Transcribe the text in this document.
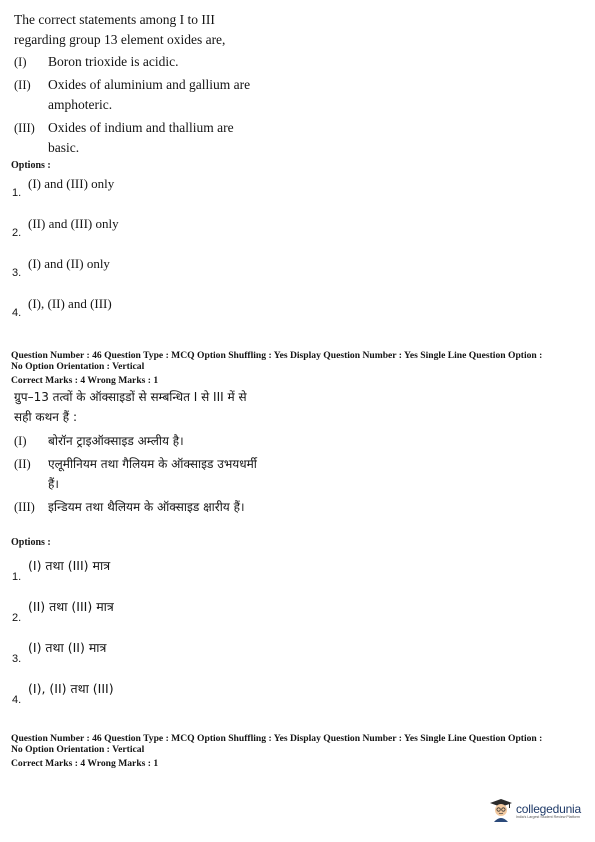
The correct statements among I to III regarding group 13 element oxides are,

(I)	Boron trioxide is acidic.
(II)	Oxides of aluminium and gallium are amphoteric.
(III) Oxides of indium and thallium are basic.
Options :
1.
(I) and (III) only
2.
(II) and (III) only
3.
(I) and (II) only
4.
(I), (II) and (III)
Question Number : 46 Question Type : MCQ Option Shuffling : Yes Display Question Number : Yes Single Line Question Option :
No Option Orientation : Vertical
Correct Marks : 4 Wrong Marks : 1

ग्रुप–13 तत्वों के ऑक्साइडों से सम्बन्धित I से III में से सही कथन हैं :

(I)	बोरॉन ट्राइऑक्साइड अम्लीय है।
(II)	एलूमीनियम तथा गैलियम के ऑक्साइड उभयधर्मी हैं।
(III)	इन्डियम तथा थैलियम के ऑक्साइड क्षारीय हैं।
Options :
1.
(I) तथा (III) मात्र
2.
(II) तथा (III) मात्र
3.
(I) तथा (II) मात्र
4.
(I), (II) तथा (III)
Question Number : 46 Question Type : MCQ Option Shuffling : Yes Display Question Number : Yes Single Line Question Option :
No Option Orientation : Vertical
Correct Marks : 4 Wrong Marks : 1
collegedunia
India's Largest Student Review Platform
